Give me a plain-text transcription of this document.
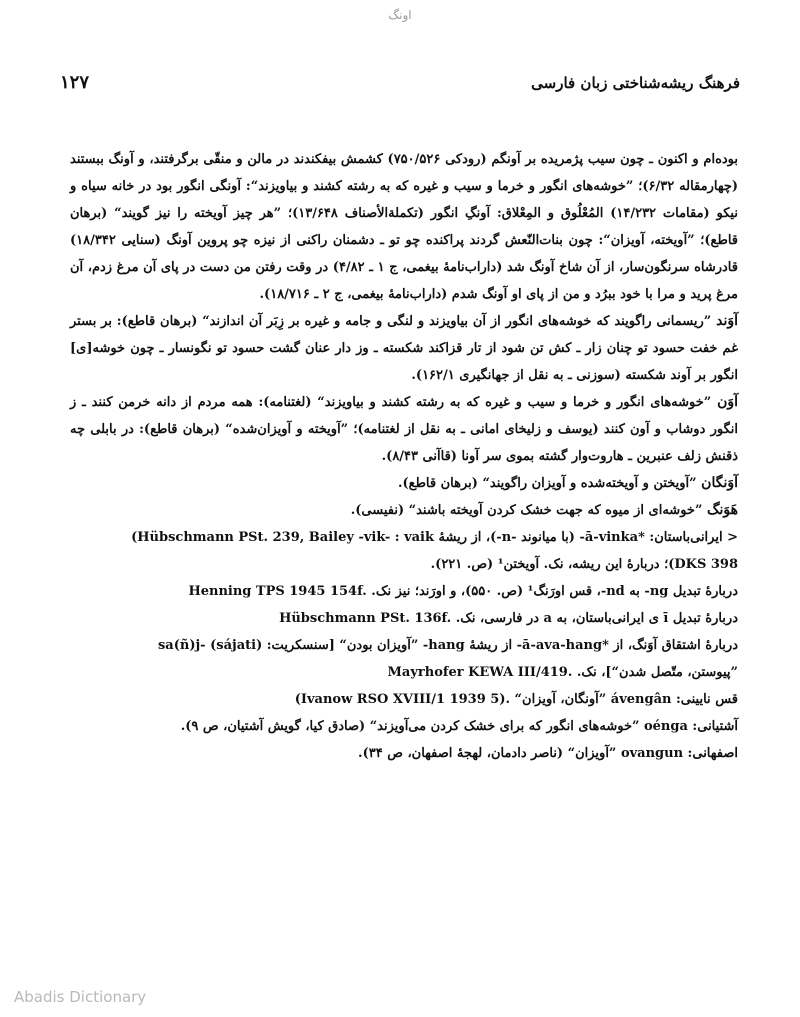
اونگ
فرهنگ ریشه‌شناختی زبان فارسی
۱۲۷

بوده‌ام و اکنون ـ چون سیب پژمریده بر آونگم (رودکی ۷۵۰/۵۲۶) کشمش بیفکندند در مالن و منقّی برگرفتند، و آونگ ببستند (چهارمقاله ۶/۳۲)؛ ”خوشه‌های انگور و خرما و سیب و غیره که به رشته کشند و بیاویزند“: آونگی انگور بود در خانه سیاه و نیکو (مقامات ۱۴/۲۳۲) المُعْلُوق و المِعْلاق: آونگِ انگور (تکملة‌الأصناف ۱۳/۶۴۸)؛ ”هر چیز آویخته را نیز گویند“ (برهان قاطع)؛ ”آویخته، آویزان“: چون بنات‌النّعش گردند پراکنده چو تو ـ دشمنان راکنی از نیزه چو پروین آونگ (سنایی ۱۸/۳۴۲) قادرشاه سرنگون‌سار، از آن شاخ آونگ شد (داراب‌نامهٔ بیغمی، ج ۱ ـ ۴/۸۲) در وقت رفتن من دست در پای آن مرغ زدم، آن مرغ پرید و مرا با خود ببرُد و من از پای او آونگ شدم (داراب‌نامهٔ بیغمی، ج ۲ ـ ۱۸/۷۱۶).

آوَند ”ریسمانی راگویند که خوشه‌های انگور از آن بیاویزند و لنگی و جامه و غیره بر زِبَر آن اندازند“ (برهان قاطع): بر بستر غم خفت حسود تو چنان زار ـ کش تن شود از تار قزاکند شکسته ـ وز دار عنان گشت حسود تو نگونسار ـ چون خوشه[ی] انگور بر آوند شکسته (سوزنی ـ به نقل از جهانگیری ۱۶۲/۱).

آوَن ”خوشه‌های انگور و خرما و سیب و غیره که به رشته کشند و بیاویزند“ (لغتنامه): همه مردم از دانه خرمن کنند ـ ز انگور دوشاب و آون کنند (یوسف و زلیخای امانی ـ به نقل از لغتنامه)؛ ”آویخته و آویزان‌شده“ (برهان قاطع): در بابلی چه ذقنش زلف عنبرین ـ هاروت‌وار گشته بموی سر آونا (قاآنی ۸/۴۳).

آوَنگان ”آویختن و آویخته‌شده و آویزان راگویند“ (برهان قاطع).

هَوَنگ ”خوشه‌ای از میوه که جهت خشک کردن آویخته باشند“ (نفیسی).

< ایرانی‌باستان: *ā-vinka- (با میانوند -n-)، از ریشهٔ vik- : vaik- (Hübschmann PSt. 239, Bailey

DKS 398)؛ دربارهٔ این ریشه، نک. آویختن¹ (ص. ۲۲۱).

دربارهٔ تبدیل ng- به nd-، قس اورَنگ¹ (ص. ۵۵۰)، و اورَند؛ نیز نک. Henning TPS 1945 154f.

دربارهٔ تبدیل ī ی ایرانی‌باستان، به a در فارسی، نک. Hübschmann PSt. 136f.

دربارهٔ اشتقاق آوَنگ، از *ā-ava-hang- از ریشهٔ hang- ”آویزان بودن“ [سنسکریت: sa(ñ)j- (sájati)

”پیوستن، متّصل شدن“]، نک. Mayrhofer KEWA III/419.

قس نایینی: ávengân ”آونگان، آویزان“ (Ivanow RSO XVIII/1 1939 5).

آشتیانی: oénga ”خوشه‌های انگور که برای خشک کردن می‌آویزند“ (صادق کیا، گویش آشتیان، ص ۹).

اصفهانی: ovangun ”آویزان“ (ناصر دادمان، لهجهٔ اصفهان، ص ۳۴).

Abadis Dictionary
